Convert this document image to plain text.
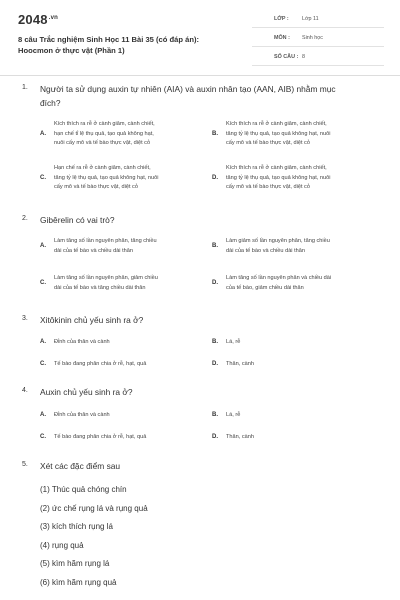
$2048^{.vn}$
8 câu Trắc nghiệm Sinh Học 11 Bài 35 (có đáp án):
Hoocmon ở thực vật (Phần 1)
LỚP : Lớp 11
MÔN : Sinh học
SỐ CÂU : 8
1. Người ta sử dụng auxin tự nhiên (AIA) và auxin nhân tạo (AAN, AIB) nhằm mục
đích?
A.
Kích thích ra rễ ở cành giâm, cành chiết,
hạn chế tỉ lệ thụ quả, tạo quả không hạt,
nuôi cấy mô và tế bào thực vật, diệt cỏ
B.
Kích thích ra rễ ở cành giâm, cành chiết,
tăng tỷ lệ thụ quả, tạo quả không hạt, nuôi
cấy mô và tế bào thực vật, diệt cỏ
C.
Hạn chế ra rễ ở cành giâm, cành chiết,
tăng tỷ lệ thụ quả, tạo quả không hạt, nuôi
cấy mô và tế bào thực vật, diệt cỏ
D.
Kích thích ra rễ ở cành giâm, cành chiết,
tăng tỷ lệ thụ quả, tạo quả không hạt, nuôi
cấy mô và tế bào thực vật, diệt cỏ
2. Gibêrelin có vai trò?
A.
Làm tăng số lần nguyên phân, tăng chiều
dài của tế bào và chiều dài thân
B.
Làm giảm số lần nguyên phân, tăng chiều
dài của tế bào và chiều dài thân
C.
Làm tăng số lần nguyên phân, giảm chiều
dài của tế bào và tăng chiều dài thân
D.
Làm tăng số lần nguyên phân và chiều dài
của tế bào, giảm chiều dài thân
3. Xitôkinin chủ yếu sinh ra ở?
A. Đỉnh của thân và cành	B. Lá, rễ
C. Tế bào đang phân chia ở rễ, hạt, quả	D. Thân, cành
4. Auxin chủ yếu sinh ra ở?
A. Đỉnh của thân và cành	B. Lá, rễ
C. Tế bào đang phân chia ở rễ, hạt, quả	D. Thân, cành
5. Xét các đặc điểm sau
(1) Thúc quả chóng chín
(2) ức chế rụng lá và rụng quả
(3) kích thích rụng lá
(4) rụng quả
(5) kìm hãm rụng lá
(6) kìm hãm rụng quả
